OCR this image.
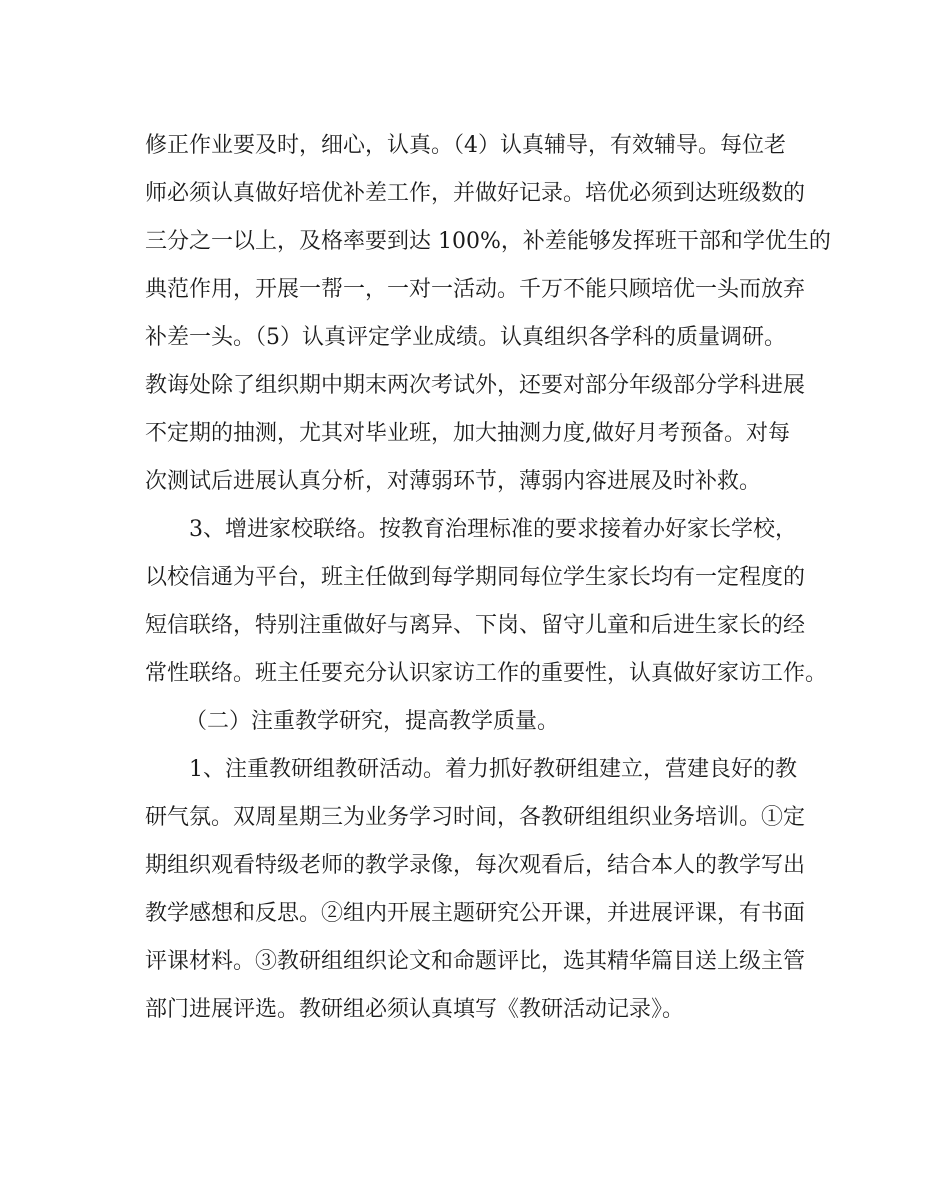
修正作业要及时，细心，认真。（4）认真辅导，有效辅导。每位老
师必须认真做好培优补差工作，并做好记录。培优必须到达班级数的
三分之一以上，及格率要到达 100%，补差能够发挥班干部和学优生的
典范作用，开展一帮一，一对一活动。千万不能只顾培优一头而放弃
补差一头。（5）认真评定学业成绩。认真组织各学科的质量调研。
教诲处除了组织期中期末两次考试外，还要对部分年级部分学科进展
不定期的抽测，尤其对毕业班，加大抽测力度,做好月考预备。对每
次测试后进展认真分析，对薄弱环节，薄弱内容进展及时补救。
3、增进家校联络。按教育治理标准的要求接着办好家长学校，
以校信通为平台，班主任做到每学期同每位学生家长均有一定程度的
短信联络，特别注重做好与离异、下岗、留守儿童和后进生家长的经
常性联络。班主任要充分认识家访工作的重要性，认真做好家访工作。
（二）注重教学研究，提高教学质量。
1、注重教研组教研活动。着力抓好教研组建立，营建良好的教
研气氛。双周星期三为业务学习时间，各教研组组织业务培训。①定
期组织观看特级老师的教学录像，每次观看后，结合本人的教学写出
教学感想和反思。②组内开展主题研究公开课，并进展评课，有书面
评课材料。③教研组组织论文和命题评比，选其精华篇目送上级主管
部门进展评选。教研组必须认真填写《教研活动记录》。
